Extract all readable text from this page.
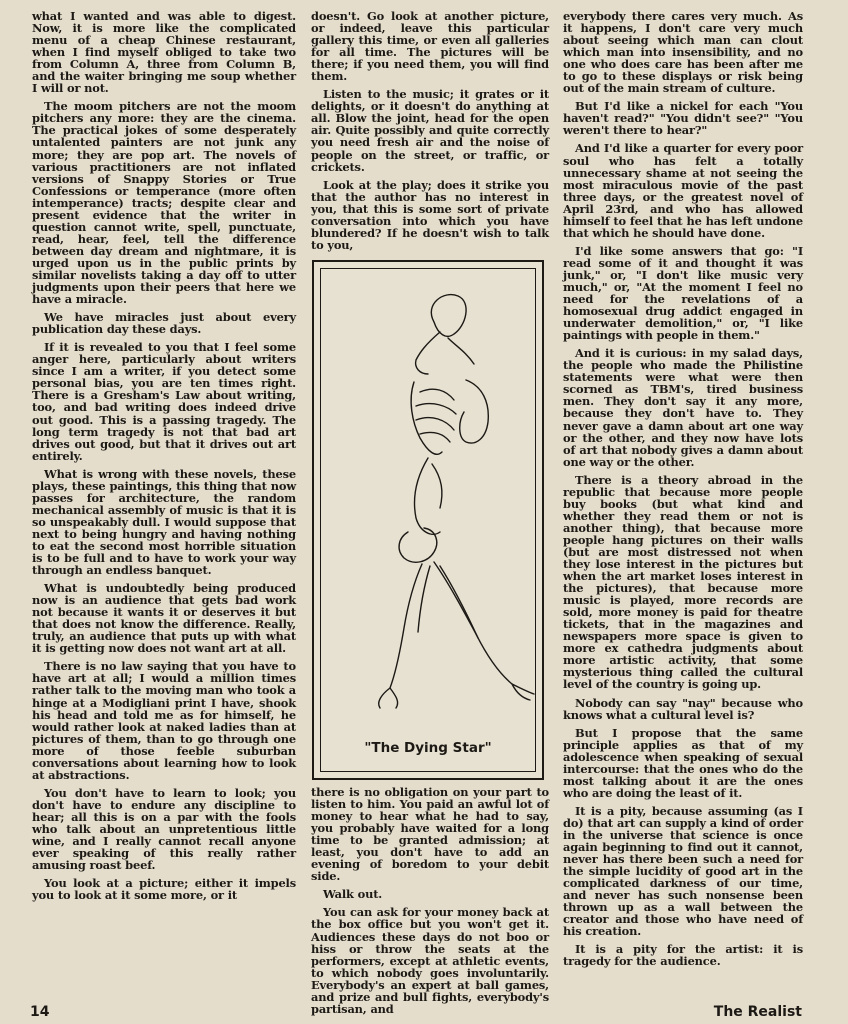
what I wanted and was able to digest. Now, it is more like the complicated menu of a cheap Chinese restaurant, when I find myself obliged to take two from Column A, three from Column B, and the waiter bringing me soup whether I will or not.

The moom pitchers are not the moom pitchers any more: they are the cinema. The practical jokes of some desperately untalented painters are not junk any more; they are pop art. The novels of various practitioners are not inflated versions of Snappy Stories or True Confessions or temperance (more often intemperance) tracts; despite clear and present evidence that the writer in question cannot write, spell, punctuate, read, hear, feel, tell the difference between day dream and nightmare, it is urged upon us in the public prints by similar novelists taking a day off to utter judgments upon their peers that here we have a miracle.

We have miracles just about every publication day these days.

If it is revealed to you that I feel some anger here, particularly about writers since I am a writer, if you detect some personal bias, you are ten times right. There is a Gresham's Law about writing, too, and bad writing does indeed drive out good. This is a passing tragedy. The long term tragedy is not that bad art drives out good, but that it drives out art entirely.

What is wrong with these novels, these plays, these paintings, this thing that now passes for architecture, the random mechanical assembly of music is that it is so unspeakably dull. I would suppose that next to being hungry and having nothing to eat the second most horrible situation is to be full and to have to work your way through an endless banquet.

What is undoubtedly being produced now is an audience that gets bad work not because it wants it or deserves it but that does not know the difference. Really, truly, an audience that puts up with what it is getting now does not want art at all.

There is no law saying that you have to have art at all; I would a million times rather talk to the moving man who took a hinge at a Modigliani print I have, shook his head and told me as for himself, he would rather look at naked ladies than at pictures of them, than to go through one more of those feeble suburban conversations about learning how to look at abstractions.

You don't have to learn to look; you don't have to endure any discipline to hear; all this is on a par with the fools who talk about an unpretentious little wine, and I really cannot recall anyone ever speaking of this really rather amusing roast beef.

You look at a picture; either it impels you to look at it some more, or it

doesn't. Go look at another picture, or indeed, leave this particular gallery this time, or even all galleries for all time. The pictures will be there; if you need them, you will find them.

Listen to the music; it grates or it delights, or it doesn't do anything at all. Blow the joint, head for the open air. Quite possibly and quite correctly you need fresh air and the noise of people on the street, or traffic, or crickets.

Look at the play; does it strike you that the author has no interest in you, that this is some sort of private conversation into which you have blundered? If he doesn't wish to talk to you,

"The Dying Star"

there is no obligation on your part to listen to him. You paid an awful lot of money to hear what he had to say, you probably have waited for a long time to be granted admission; at least, you don't have to add an evening of boredom to your debit side.

Walk out.

You can ask for your money back at the box office but you won't get it. Audiences these days do not boo or hiss or throw the seats at the performers, except at athletic events, to which nobody goes involuntarily. Everybody's an expert at ball games, and prize and bull fights, everybody's partisan, and

everybody there cares very much. As it happens, I don't care very much about seeing which man can clout which man into insensibility, and no one who does care has been after me to go to these displays or risk being out of the main stream of culture.

But I'd like a nickel for each "You haven't read?" "You didn't see?" "You weren't there to hear?"

And I'd like a quarter for every poor soul who has felt a totally unnecessary shame at not seeing the most miraculous movie of the past three days, or the greatest novel of April 23rd, and who has allowed himself to feel that he has left undone that which he should have done.

I'd like some answers that go: "I read some of it and thought it was junk," or, "I don't like music very much," or, "At the moment I feel no need for the revelations of a homosexual drug addict engaged in underwater demolition," or, "I like paintings with people in them."

And it is curious: in my salad days, the people who made the Philistine statements were what were then scorned as TBM's, tired business men. They don't say it any more, because they don't have to. They never gave a damn about art one way or the other, and they now have lots of art that nobody gives a damn about one way or the other.

There is a theory abroad in the republic that because more people buy books (but what kind and whether they read them or not is another thing), that because more people hang pictures on their walls (but are most distressed not when they lose interest in the pictures but when the art market loses interest in the pictures), that because more music is played, more records are sold, more money is paid for theatre tickets, that in the magazines and newspapers more space is given to more ex cathedra judgments about more artistic activity, that some mysterious thing called the cultural level of the country is going up.

Nobody can say "nay" because who knows what a cultural level is?

But I propose that the same principle applies as that of my adolescence when speaking of sexual intercourse: that the ones who do the most talking about it are the ones who are doing the least of it.

It is a pity, because assuming (as I do) that art can supply a kind of order in the universe that science is once again beginning to find out it cannot, never has there been such a need for the simple lucidity of good art in the complicated darkness of our time, and never has such nonsense been thrown up as a wall between the creator and those who have need of his creation.

It is a pity for the artist: it is tragedy for the audience.

14	The Realist
